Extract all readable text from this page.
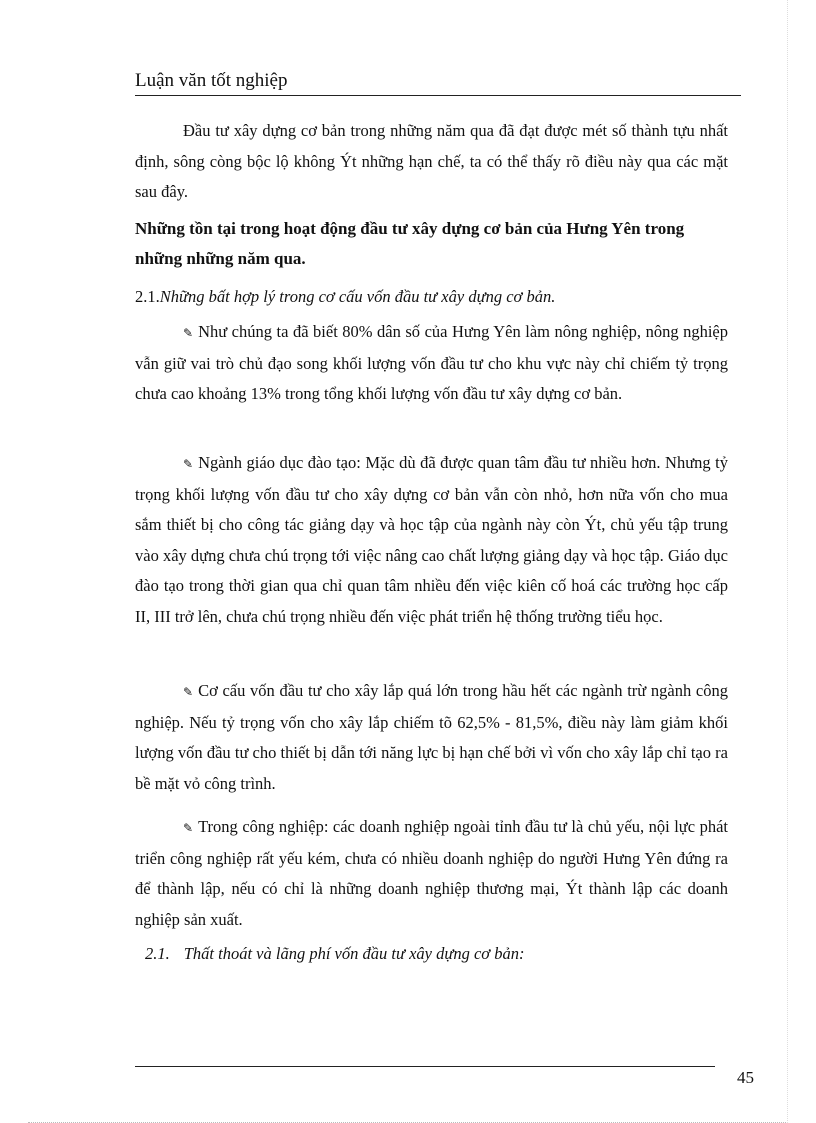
Luận văn tốt nghiệp

Đầu tư xây dựng cơ bản trong những năm qua đã đạt được mét số thành tựu nhất định, sông còng bộc lộ không Ýt những hạn chế, ta có thể thấy rõ điều này qua các mặt sau đây.

Những tồn tại trong hoạt động đầu tư xây dựng cơ bản của Hưng Yên trong những những năm qua.

2.1.Những bất hợp lý trong cơ cấu vốn đầu tư xây dựng cơ bản.

✎ Như chúng ta đã biết 80% dân số của Hưng Yên làm nông nghiệp, nông nghiệp vẫn giữ vai trò chủ đạo song khối lượng vốn đầu tư cho khu vực này chỉ chiếm tỷ trọng chưa cao khoảng 13% trong tổng khối lượng vốn đầu tư xây dựng cơ bản.

✎ Ngành giáo dục đào tạo: Mặc dù đã được quan tâm đầu tư nhiều hơn. Nhưng tỷ trọng khối lượng vốn đầu tư cho xây dựng cơ bản vẫn còn nhỏ, hơn nữa vốn cho mua sắm thiết bị cho công tác giảng dạy và học tập của ngành này còn Ýt, chủ yếu tập trung vào xây dựng chưa chú trọng tới việc nâng cao chất lượng giảng dạy và học tập. Giáo dục đào tạo trong thời gian qua chỉ quan tâm nhiều đến việc kiên cố hoá các trường học cấp II, III trở lên, chưa chú trọng nhiều đến việc phát triển hệ thống trường tiểu học.

✎ Cơ cấu vốn đầu tư cho xây lắp quá lớn trong hầu hết các ngành trừ ngành công nghiệp. Nếu tỷ trọng vốn cho xây lắp chiếm tõ 62,5% - 81,5%, điều này làm giảm khối lượng vốn đầu tư cho thiết bị dẫn tới năng lực bị hạn chế bởi vì vốn cho xây lắp chỉ tạo ra bề mặt vỏ công trình.

✎ Trong công nghiệp: các doanh nghiệp ngoài tỉnh đầu tư là chủ yếu, nội lực phát triển công nghiệp rất yếu kém, chưa có nhiều doanh nghiệp do người Hưng Yên đứng ra để thành lập, nếu có chỉ là những doanh nghiệp thương mại, Ýt thành lập các doanh nghiệp sản xuất.

2.1. Thất thoát và lãng phí vốn đầu tư xây dựng cơ bản:
45
